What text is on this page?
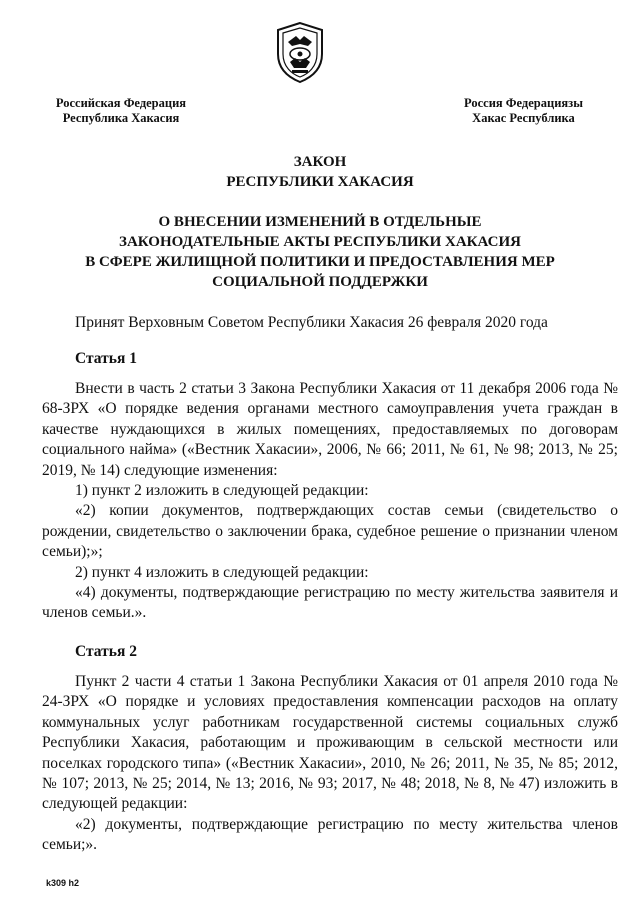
Российская Федерация
Республика Хакасия
Россия Федерациязы
Хакас Республика
ЗАКОН
РЕСПУБЛИКИ ХАКАСИЯ
О ВНЕСЕНИИ ИЗМЕНЕНИЙ В ОТДЕЛЬНЫЕ
ЗАКОНОДАТЕЛЬНЫЕ АКТЫ РЕСПУБЛИКИ ХАКАСИЯ
В СФЕРЕ ЖИЛИЩНОЙ ПОЛИТИКИ И ПРЕДОСТАВЛЕНИЯ МЕР
СОЦИАЛЬНОЙ ПОДДЕРЖКИ
Принят Верховным Советом Республики Хакасия 26 февраля 2020 года
Статья 1

Внести в часть 2 статьи 3 Закона Республики Хакасия от 11 декабря 2006 года № 68-ЗРХ «О порядке ведения органами местного самоуправления учета граждан в качестве нуждающихся в жилых помещениях, предоставляемых по договорам социального найма» («Вестник Хакасии», 2006, № 66; 2011, № 61, № 98; 2013, № 25; 2019, № 14) следующие изменения:

1) пункт 2 изложить в следующей редакции:

«2) копии документов, подтверждающих состав семьи (свидетельство о рождении, свидетельство о заключении брака, судебное решение о признании членом семьи);»;

2) пункт 4 изложить в следующей редакции:

«4) документы, подтверждающие регистрацию по месту жительства заявителя и членов семьи.».

Статья 2

Пункт 2 части 4 статьи 1 Закона Республики Хакасия от 01 апреля 2010 года № 24-ЗРХ «О порядке и условиях предоставления компенсации расходов на оплату коммунальных услуг работникам государственной системы социальных служб Республики Хакасия, работающим и проживающим в сельской местности или поселках городского типа» («Вестник Хакасии», 2010, № 26; 2011, № 35, № 85; 2012, № 107; 2013, № 25; 2014, № 13; 2016, № 93; 2017, № 48; 2018, № 8, № 47) изложить в следующей редакции:

«2) документы, подтверждающие регистрацию по месту жительства членов семьи;».

k309 h2
